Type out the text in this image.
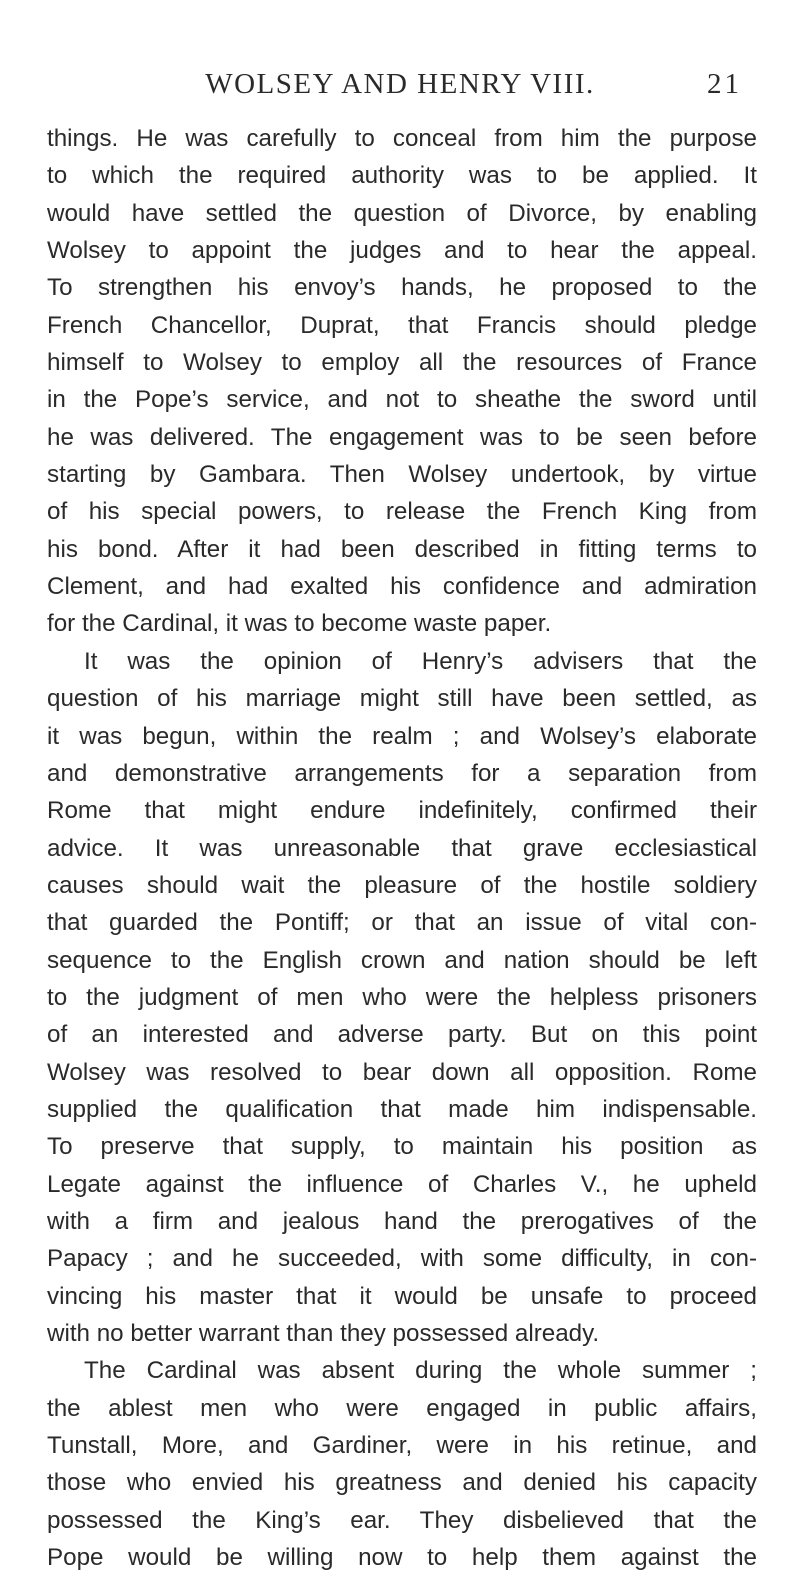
WOLSEY AND HENRY VIII.	21
things. He was carefully to conceal from him the purpose
to which the required authority was to be applied. It
would have settled the question of Divorce, by enabling
Wolsey to appoint the judges and to hear the appeal.
To strengthen his envoy’s hands, he proposed to the
French Chancellor, Duprat, that Francis should pledge
himself to Wolsey to employ all the resources of France
in the Pope’s service, and not to sheathe the sword until
he was delivered. The engagement was to be seen before
starting by Gambara. Then Wolsey undertook, by virtue
of his special powers, to release the French King from
his bond. After it had been described in fitting terms to
Clement, and had exalted his confidence and admiration
for the Cardinal, it was to become waste paper.
It was the opinion of Henry’s advisers that the
question of his marriage might still have been settled, as
it was begun, within the realm ; and Wolsey’s elaborate
and demonstrative arrangements for a separation from
Rome that might endure indefinitely, confirmed their
advice. It was unreasonable that grave ecclesiastical
causes should wait the pleasure of the hostile soldiery
that guarded the Pontiff; or that an issue of vital con-
sequence to the English crown and nation should be left
to the judgment of men who were the helpless prisoners
of an interested and adverse party. But on this point
Wolsey was resolved to bear down all opposition. Rome
supplied the qualification that made him indispensable.
To preserve that supply, to maintain his position as
Legate against the influence of Charles V., he upheld
with a firm and jealous hand the prerogatives of the
Papacy ; and he succeeded, with some difficulty, in con-
vincing his master that it would be unsafe to proceed
with no better warrant than they possessed already.
The Cardinal was absent during the whole summer ;
the ablest men who were engaged in public affairs,
Tunstall, More, and Gardiner, were in his retinue, and
those who envied his greatness and denied his capacity
possessed the King’s ear. They disbelieved that the
Pope would be willing now to help them against the
